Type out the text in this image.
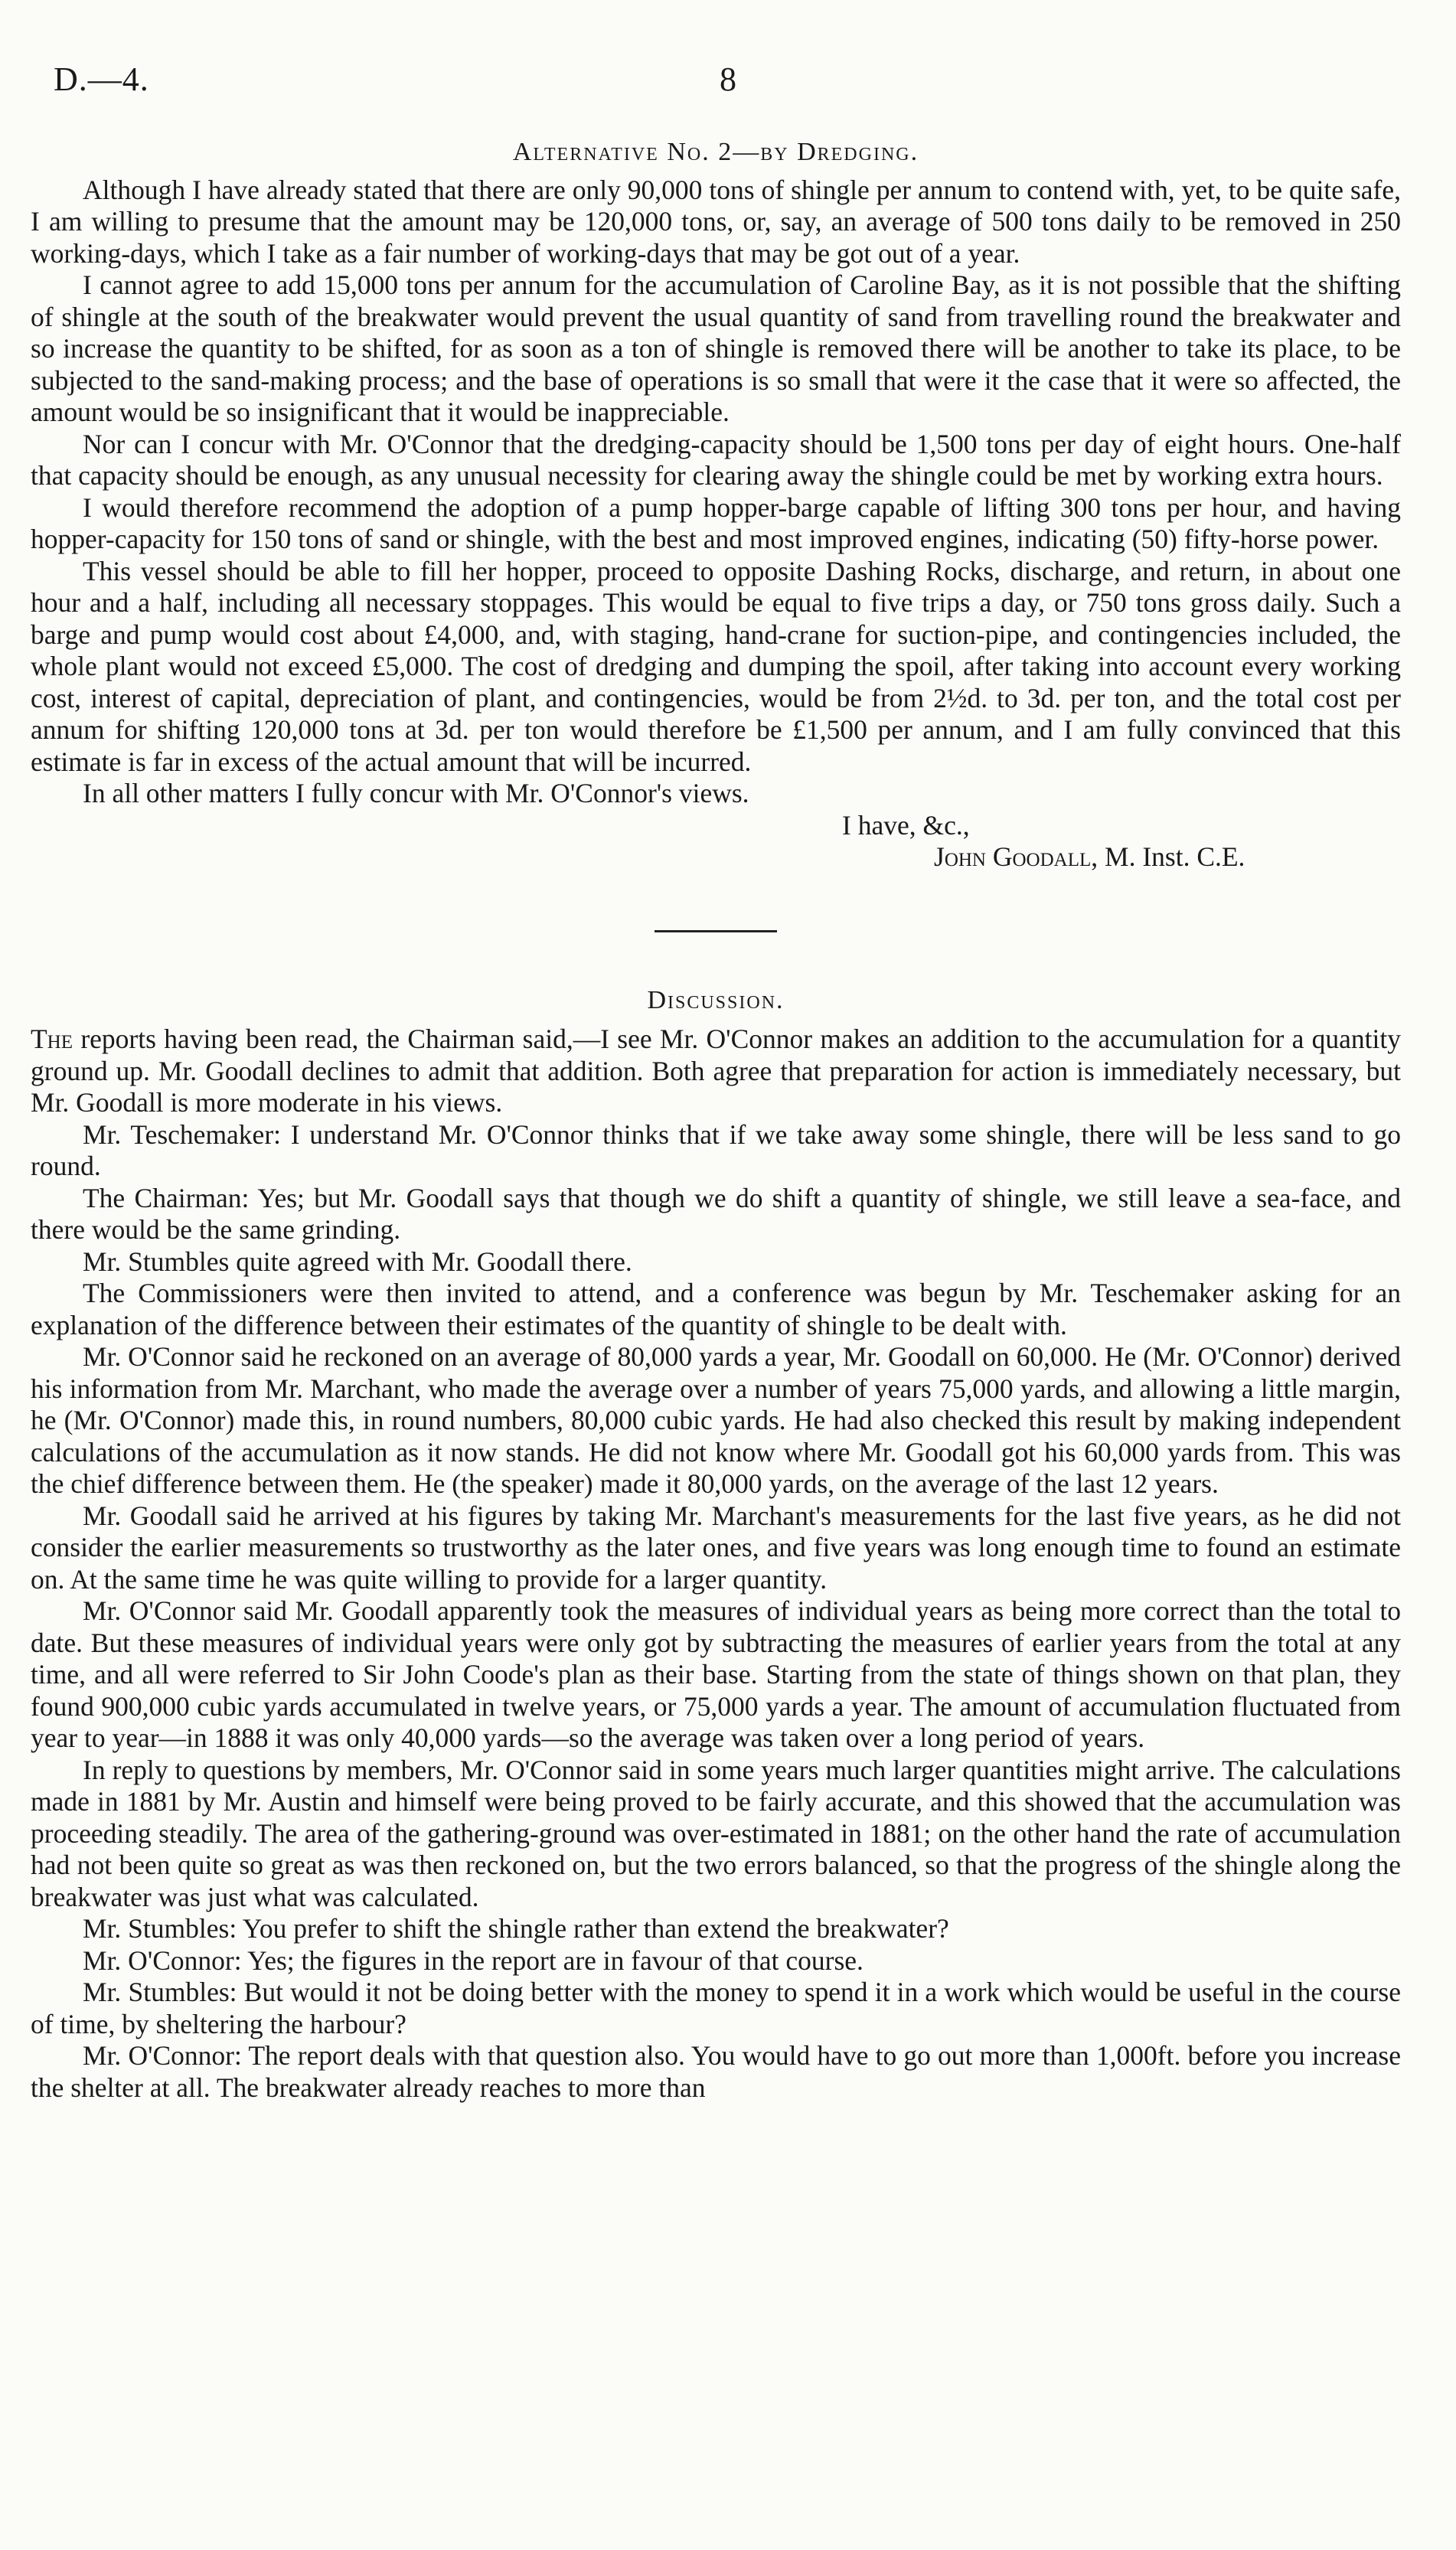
D.—4.	8
Alternative No. 2—by Dredging.

Although I have already stated that there are only 90,000 tons of shingle per annum to contend with, yet, to be quite safe, I am willing to presume that the amount may be 120,000 tons, or, say, an average of 500 tons daily to be removed in 250 working-days, which I take as a fair number of working-days that may be got out of a year.

I cannot agree to add 15,000 tons per annum for the accumulation of Caroline Bay, as it is not possible that the shifting of shingle at the south of the breakwater would prevent the usual quantity of sand from travelling round the breakwater and so increase the quantity to be shifted, for as soon as a ton of shingle is removed there will be another to take its place, to be subjected to the sand-making process; and the base of operations is so small that were it the case that it were so affected, the amount would be so insignificant that it would be inappreciable.

Nor can I concur with Mr. O'Connor that the dredging-capacity should be 1,500 tons per day of eight hours. One-half that capacity should be enough, as any unusual necessity for clearing away the shingle could be met by working extra hours.

I would therefore recommend the adoption of a pump hopper-barge capable of lifting 300 tons per hour, and having hopper-capacity for 150 tons of sand or shingle, with the best and most improved engines, indicating (50) fifty-horse power.

This vessel should be able to fill her hopper, proceed to opposite Dashing Rocks, discharge, and return, in about one hour and a half, including all necessary stoppages. This would be equal to five trips a day, or 750 tons gross daily. Such a barge and pump would cost about £4,000, and, with staging, hand-crane for suction-pipe, and contingencies included, the whole plant would not exceed £5,000. The cost of dredging and dumping the spoil, after taking into account every working cost, interest of capital, depreciation of plant, and contingencies, would be from 2½d. to 3d. per ton, and the total cost per annum for shifting 120,000 tons at 3d. per ton would therefore be £1,500 per annum, and I am fully convinced that this estimate is far in excess of the actual amount that will be incurred.

In all other matters I fully concur with Mr. O'Connor's views.

I have, &c.,

John Goodall, M. Inst. C.E.

Discussion.

The reports having been read, the Chairman said,—I see Mr. O'Connor makes an addition to the accumulation for a quantity ground up. Mr. Goodall declines to admit that addition. Both agree that preparation for action is immediately necessary, but Mr. Goodall is more moderate in his views.

Mr. Teschemaker: I understand Mr. O'Connor thinks that if we take away some shingle, there will be less sand to go round.

The Chairman: Yes; but Mr. Goodall says that though we do shift a quantity of shingle, we still leave a sea-face, and there would be the same grinding.

Mr. Stumbles quite agreed with Mr. Goodall there.

The Commissioners were then invited to attend, and a conference was begun by Mr. Teschemaker asking for an explanation of the difference between their estimates of the quantity of shingle to be dealt with.

Mr. O'Connor said he reckoned on an average of 80,000 yards a year, Mr. Goodall on 60,000. He (Mr. O'Connor) derived his information from Mr. Marchant, who made the average over a number of years 75,000 yards, and allowing a little margin, he (Mr. O'Connor) made this, in round numbers, 80,000 cubic yards. He had also checked this result by making independent calculations of the accumulation as it now stands. He did not know where Mr. Goodall got his 60,000 yards from. This was the chief difference between them. He (the speaker) made it 80,000 yards, on the average of the last 12 years.

Mr. Goodall said he arrived at his figures by taking Mr. Marchant's measurements for the last five years, as he did not consider the earlier measurements so trustworthy as the later ones, and five years was long enough time to found an estimate on. At the same time he was quite willing to provide for a larger quantity.

Mr. O'Connor said Mr. Goodall apparently took the measures of individual years as being more correct than the total to date. But these measures of individual years were only got by subtracting the measures of earlier years from the total at any time, and all were referred to Sir John Coode's plan as their base. Starting from the state of things shown on that plan, they found 900,000 cubic yards accumulated in twelve years, or 75,000 yards a year. The amount of accumulation fluctuated from year to year—in 1888 it was only 40,000 yards—so the average was taken over a long period of years.

In reply to questions by members, Mr. O'Connor said in some years much larger quantities might arrive. The calculations made in 1881 by Mr. Austin and himself were being proved to be fairly accurate, and this showed that the accumulation was proceeding steadily. The area of the gathering-ground was over-estimated in 1881; on the other hand the rate of accumulation had not been quite so great as was then reckoned on, but the two errors balanced, so that the progress of the shingle along the breakwater was just what was calculated.

Mr. Stumbles: You prefer to shift the shingle rather than extend the breakwater?

Mr. O'Connor: Yes; the figures in the report are in favour of that course.

Mr. Stumbles: But would it not be doing better with the money to spend it in a work which would be useful in the course of time, by sheltering the harbour?

Mr. O'Connor: The report deals with that question also. You would have to go out more than 1,000ft. before you increase the shelter at all. The breakwater already reaches to more than
